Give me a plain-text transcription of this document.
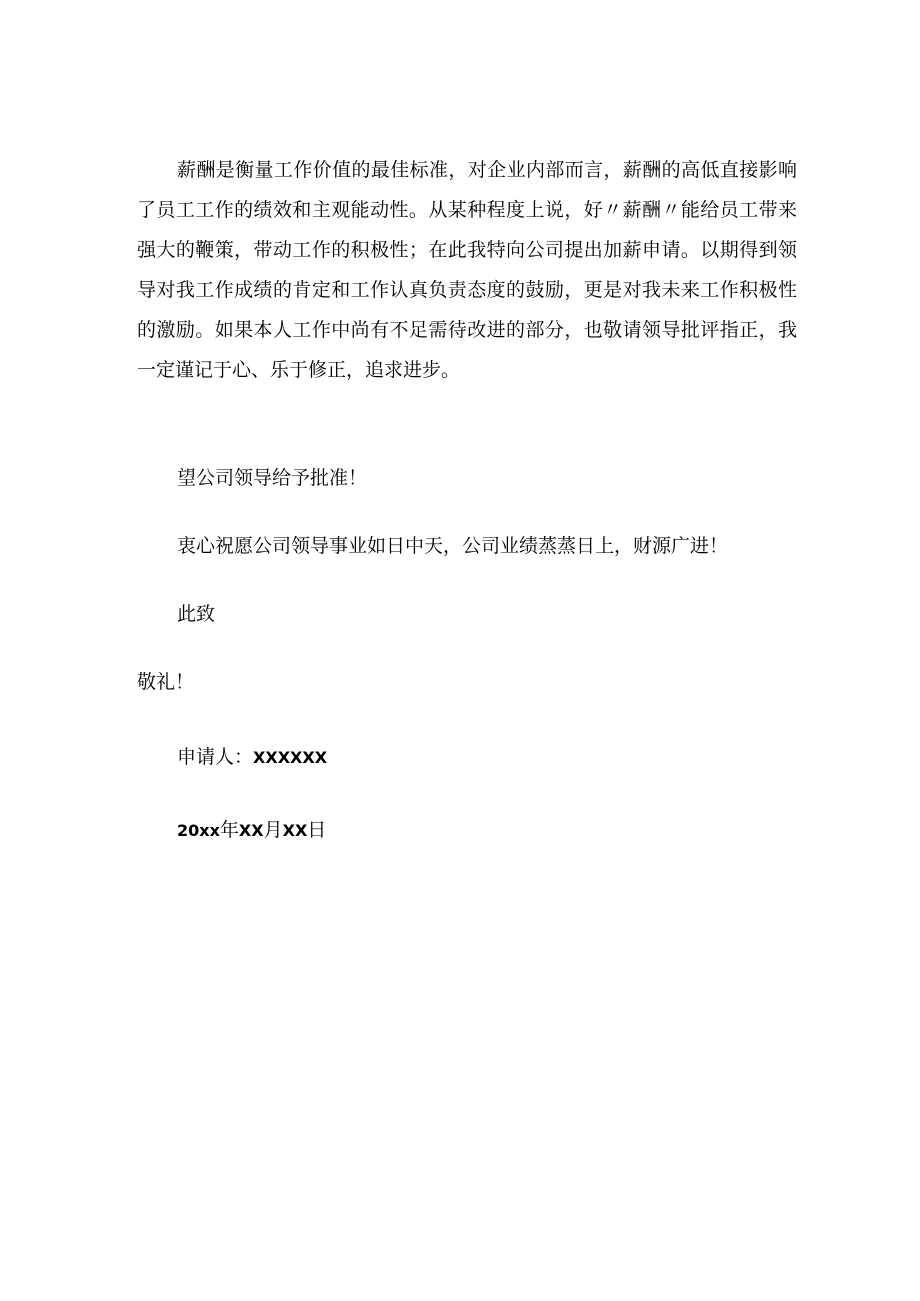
薪酬是衡量工作价值的最佳标准，对企业内部而言，薪酬的高低直接影响了员工工作的绩效和主观能动性。从某种程度上说，好〃薪酬〃能给员工带来强大的鞭策，带动工作的积极性；在此我特向公司提出加薪申请。以期得到领导对我工作成绩的肯定和工作认真负责态度的鼓励，更是对我未来工作积极性的激励。如果本人工作中尚有不足需待改进的部分，也敬请领导批评指正，我一定谨记于心、乐于修正，追求进步。

望公司领导给予批准！

衷心祝愿公司领导事业如日中天，公司业绩蒸蒸日上，财源广进！

此致

敬礼！

申请人：XXXXXX

20xx年XX月XX日
